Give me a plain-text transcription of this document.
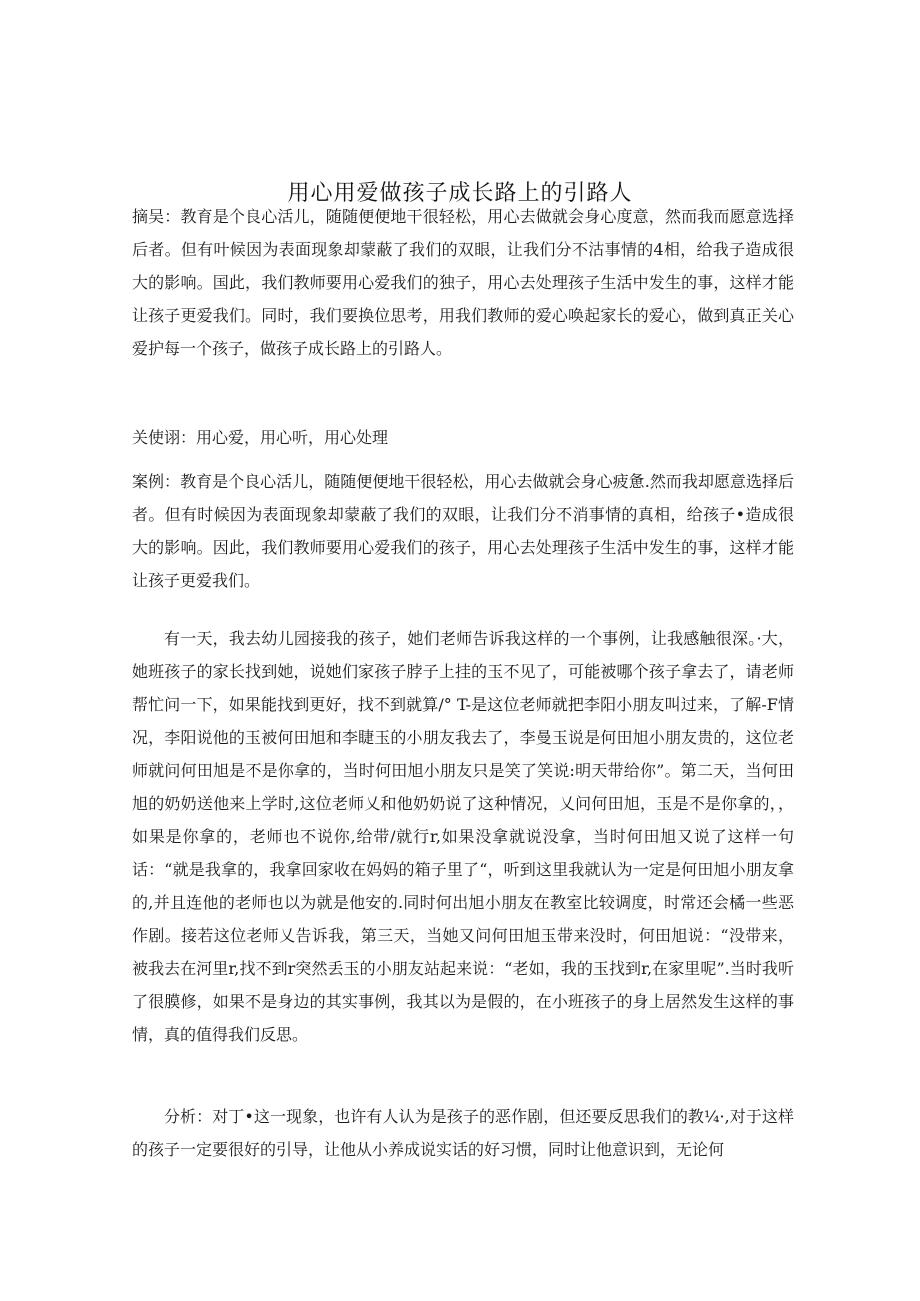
用心用爱做孩子成长路上的引路人

摘吴：教育是个良心活儿，随随便便地干很轻松，用心去做就会身心度意，然而我而愿意选择后者。但有叶候因为表面现象却蒙蔽了我们的双眼，让我们分不沽事情的4相，给我子造成很大的影响。国此，我们教师要用心爱我们的独子，用心去处理孩子生活中发生的事，这样才能让孩子更爱我们。同时，我们要换位思考，用我们教师的爱心唤起家长的爱心，做到真正关心爱护每一个孩子，做孩子成长路上的引路人。

关使诩：用心爱，用心听，用心处理

案例：教育是个良心活儿，随随便便地干很轻松，用心去做就会身心疲惫.然而我却愿意选择后者。但有时候因为表面现象却蒙蔽了我们的双眼，让我们分不消事情的真相，给孩子•造成很大的影响。因此，我们教师要用心爱我们的孩子，用心去处理孩子生活中发生的事，这样才能让孩子更爱我们。

有一天，我去幼儿园接我的孩子，她们老师告诉我这样的一个事例，让我感触很深。·大，她班孩子的家长找到她，说她们家孩子脖子上挂的玉不见了，可能被哪个孩子拿去了，请老师帮忙问一下，如果能找到更好，找不到就算/° T-是这位老师就把李阳小朋友叫过来，了解-F情况，李阳说他的玉被何田旭和李睫玉的小朋友我去了，李曼玉说是何田旭小朋友贵的，这位老师就问何田旭是不是你拿的，当时何田旭小朋友只是笑了笑说:明天带给你”。第二天，当何田旭的奶奶送他来上学时,这位老师乂和他奶奶说了这种情况，乂问何田旭，玉是不是你拿的，，如果是你拿的，老师也不说你,给带/就行r,如果没拿就说没拿，当时何田旭又说了这样一句话：“就是我拿的，我拿回家收在妈妈的箱子里了“，听到这里我就认为一定是何田旭小朋友拿的,并且连他的老师也以为就是他安的.同时何出旭小朋友在教室比较调度，时常还会橘一些恶作剧。接若这位老师乂告诉我，第三天，当她又问何田旭玉带来没时，何田旭说：“没带来，被我去在河里r,找不到r突然丢玉的小朋友站起来说：“老如，我的玉找到r,在家里呢”.当时我听了很膜修，如果不是身边的其实事例，我其以为是假的，在小班孩子的身上居然发生这样的事情，真的值得我们反思。

分析：对丁•这一现象，也许有人认为是孩子的恶作剧，但还要反思我们的教¼·,对于这样的孩子一定要很好的引导，让他从小养成说实话的好习惯，同时让他意识到，无论何
